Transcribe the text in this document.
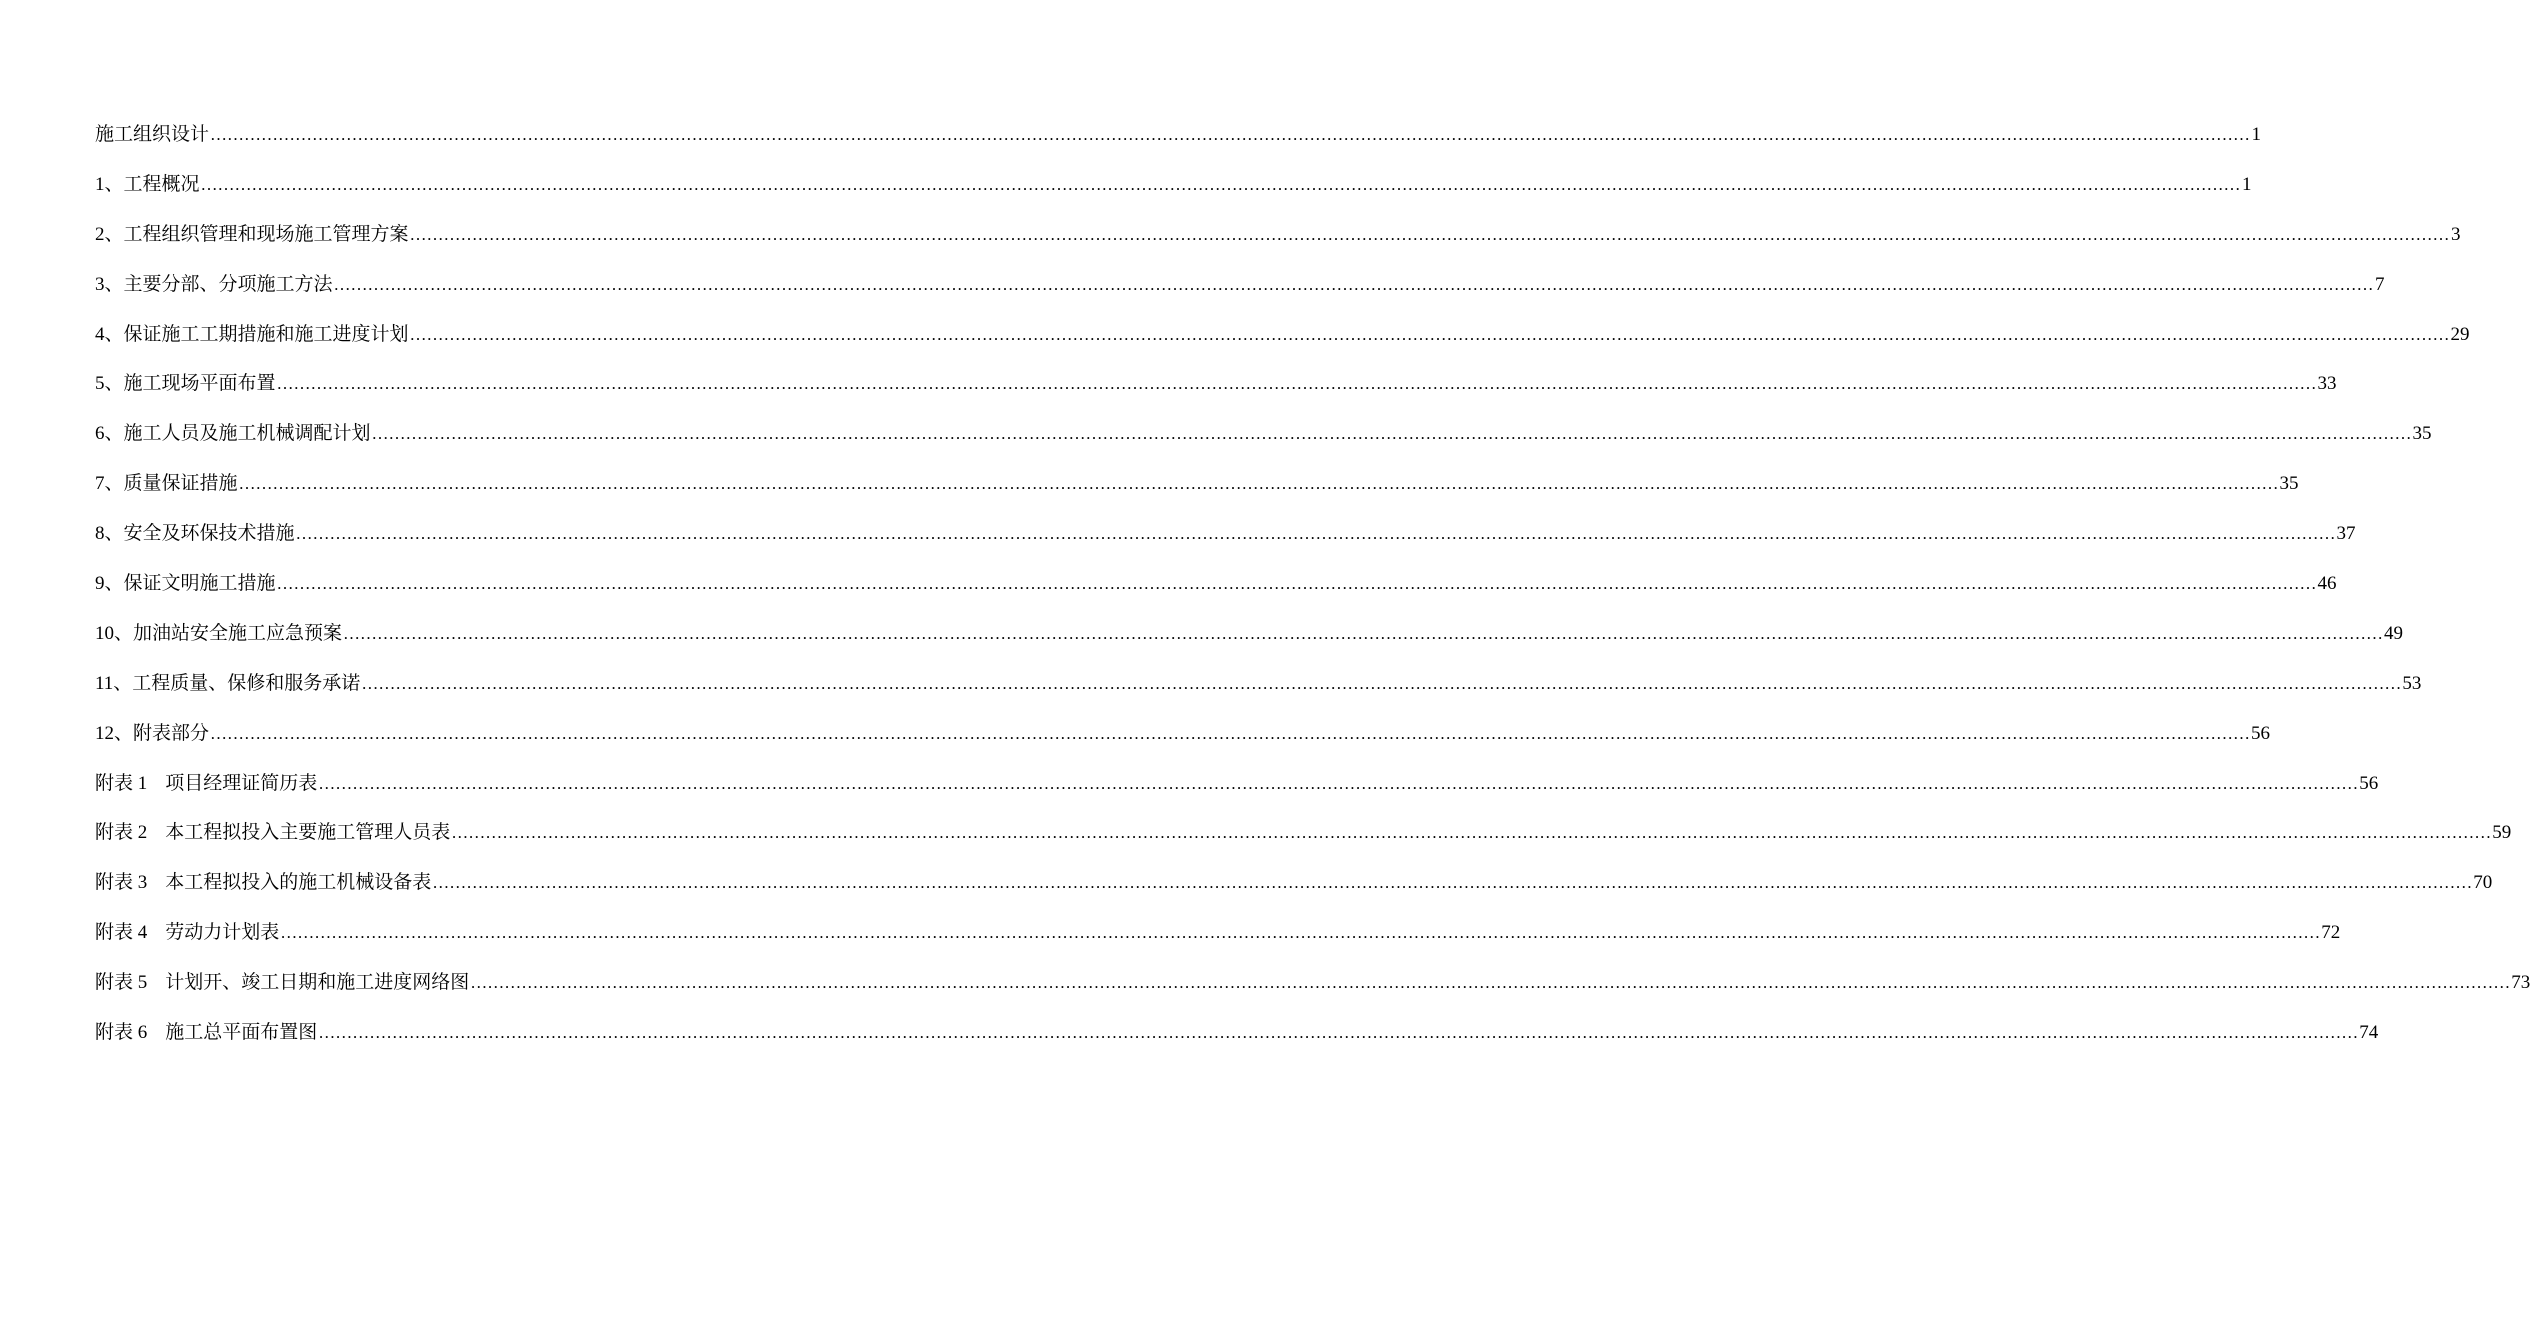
施工组织设计 ……………………………………………………………………………………………………………………………………………………………………………………………………………………………………………………………………………………………………………………………… 1
1、工程概况 ……………………………………………………………………………………………………………………………………………………………………………………………………………………………………………………………………………………………………………………………… 1
2、工程组织管理和现场施工管理方案 ……………………………………………………………………………………………………………………………………………………………………………………………………………………………………………………………………………………………………………………………… 3
3、主要分部、分项施工方法 ……………………………………………………………………………………………………………………………………………………………………………………………………………………………………………………………………………………………………………………………… 7
4、保证施工工期措施和施工进度计划 ……………………………………………………………………………………………………………………………………………………………………………………………………………………………………………………………………………………………………………………………… 29
5、施工现场平面布置 ……………………………………………………………………………………………………………………………………………………………………………………………………………………………………………………………………………………………………………………………… 33
6、施工人员及施工机械调配计划 ……………………………………………………………………………………………………………………………………………………………………………………………………………………………………………………………………………………………………………………………… 35
7、质量保证措施 ……………………………………………………………………………………………………………………………………………………………………………………………………………………………………………………………………………………………………………………………… 35
8、安全及环保技术措施 ……………………………………………………………………………………………………………………………………………………………………………………………………………………………………………………………………………………………………………………………… 37
9、保证文明施工措施 ……………………………………………………………………………………………………………………………………………………………………………………………………………………………………………………………………………………………………………………………… 46
10、加油站安全施工应急预案 ……………………………………………………………………………………………………………………………………………………………………………………………………………………………………………………………………………………………………………………………… 49
11、工程质量、保修和服务承诺 ……………………………………………………………………………………………………………………………………………………………………………………………………………………………………………………………………………………………………………………………… 53
12、附表部分 ……………………………………………………………………………………………………………………………………………………………………………………………………………………………………………………………………………………………………………………………… 56
附表 1 项目经理证简历表 ……………………………………………………………………………………………………………………………………………………………………………………………………………………………………………………………………………………………………………………………… 56
附表 2 本工程拟投入主要施工管理人员表 ……………………………………………………………………………………………………………………………………………………………………………………………………………………………………………………………………………………………………………………………… 59
附表 3 本工程拟投入的施工机械设备表 ……………………………………………………………………………………………………………………………………………………………………………………………………………………………………………………………………………………………………………………………… 70
附表 4 劳动力计划表 ……………………………………………………………………………………………………………………………………………………………………………………………………………………………………………………………………………………………………………………………… 72
附表 5 计划开、竣工日期和施工进度网络图 ……………………………………………………………………………………………………………………………………………………………………………………………………………………………………………………………………………………………………………………………… 73
附表 6 施工总平面布置图 ……………………………………………………………………………………………………………………………………………………………………………………………………………………………………………………………………………………………………………………………… 74
